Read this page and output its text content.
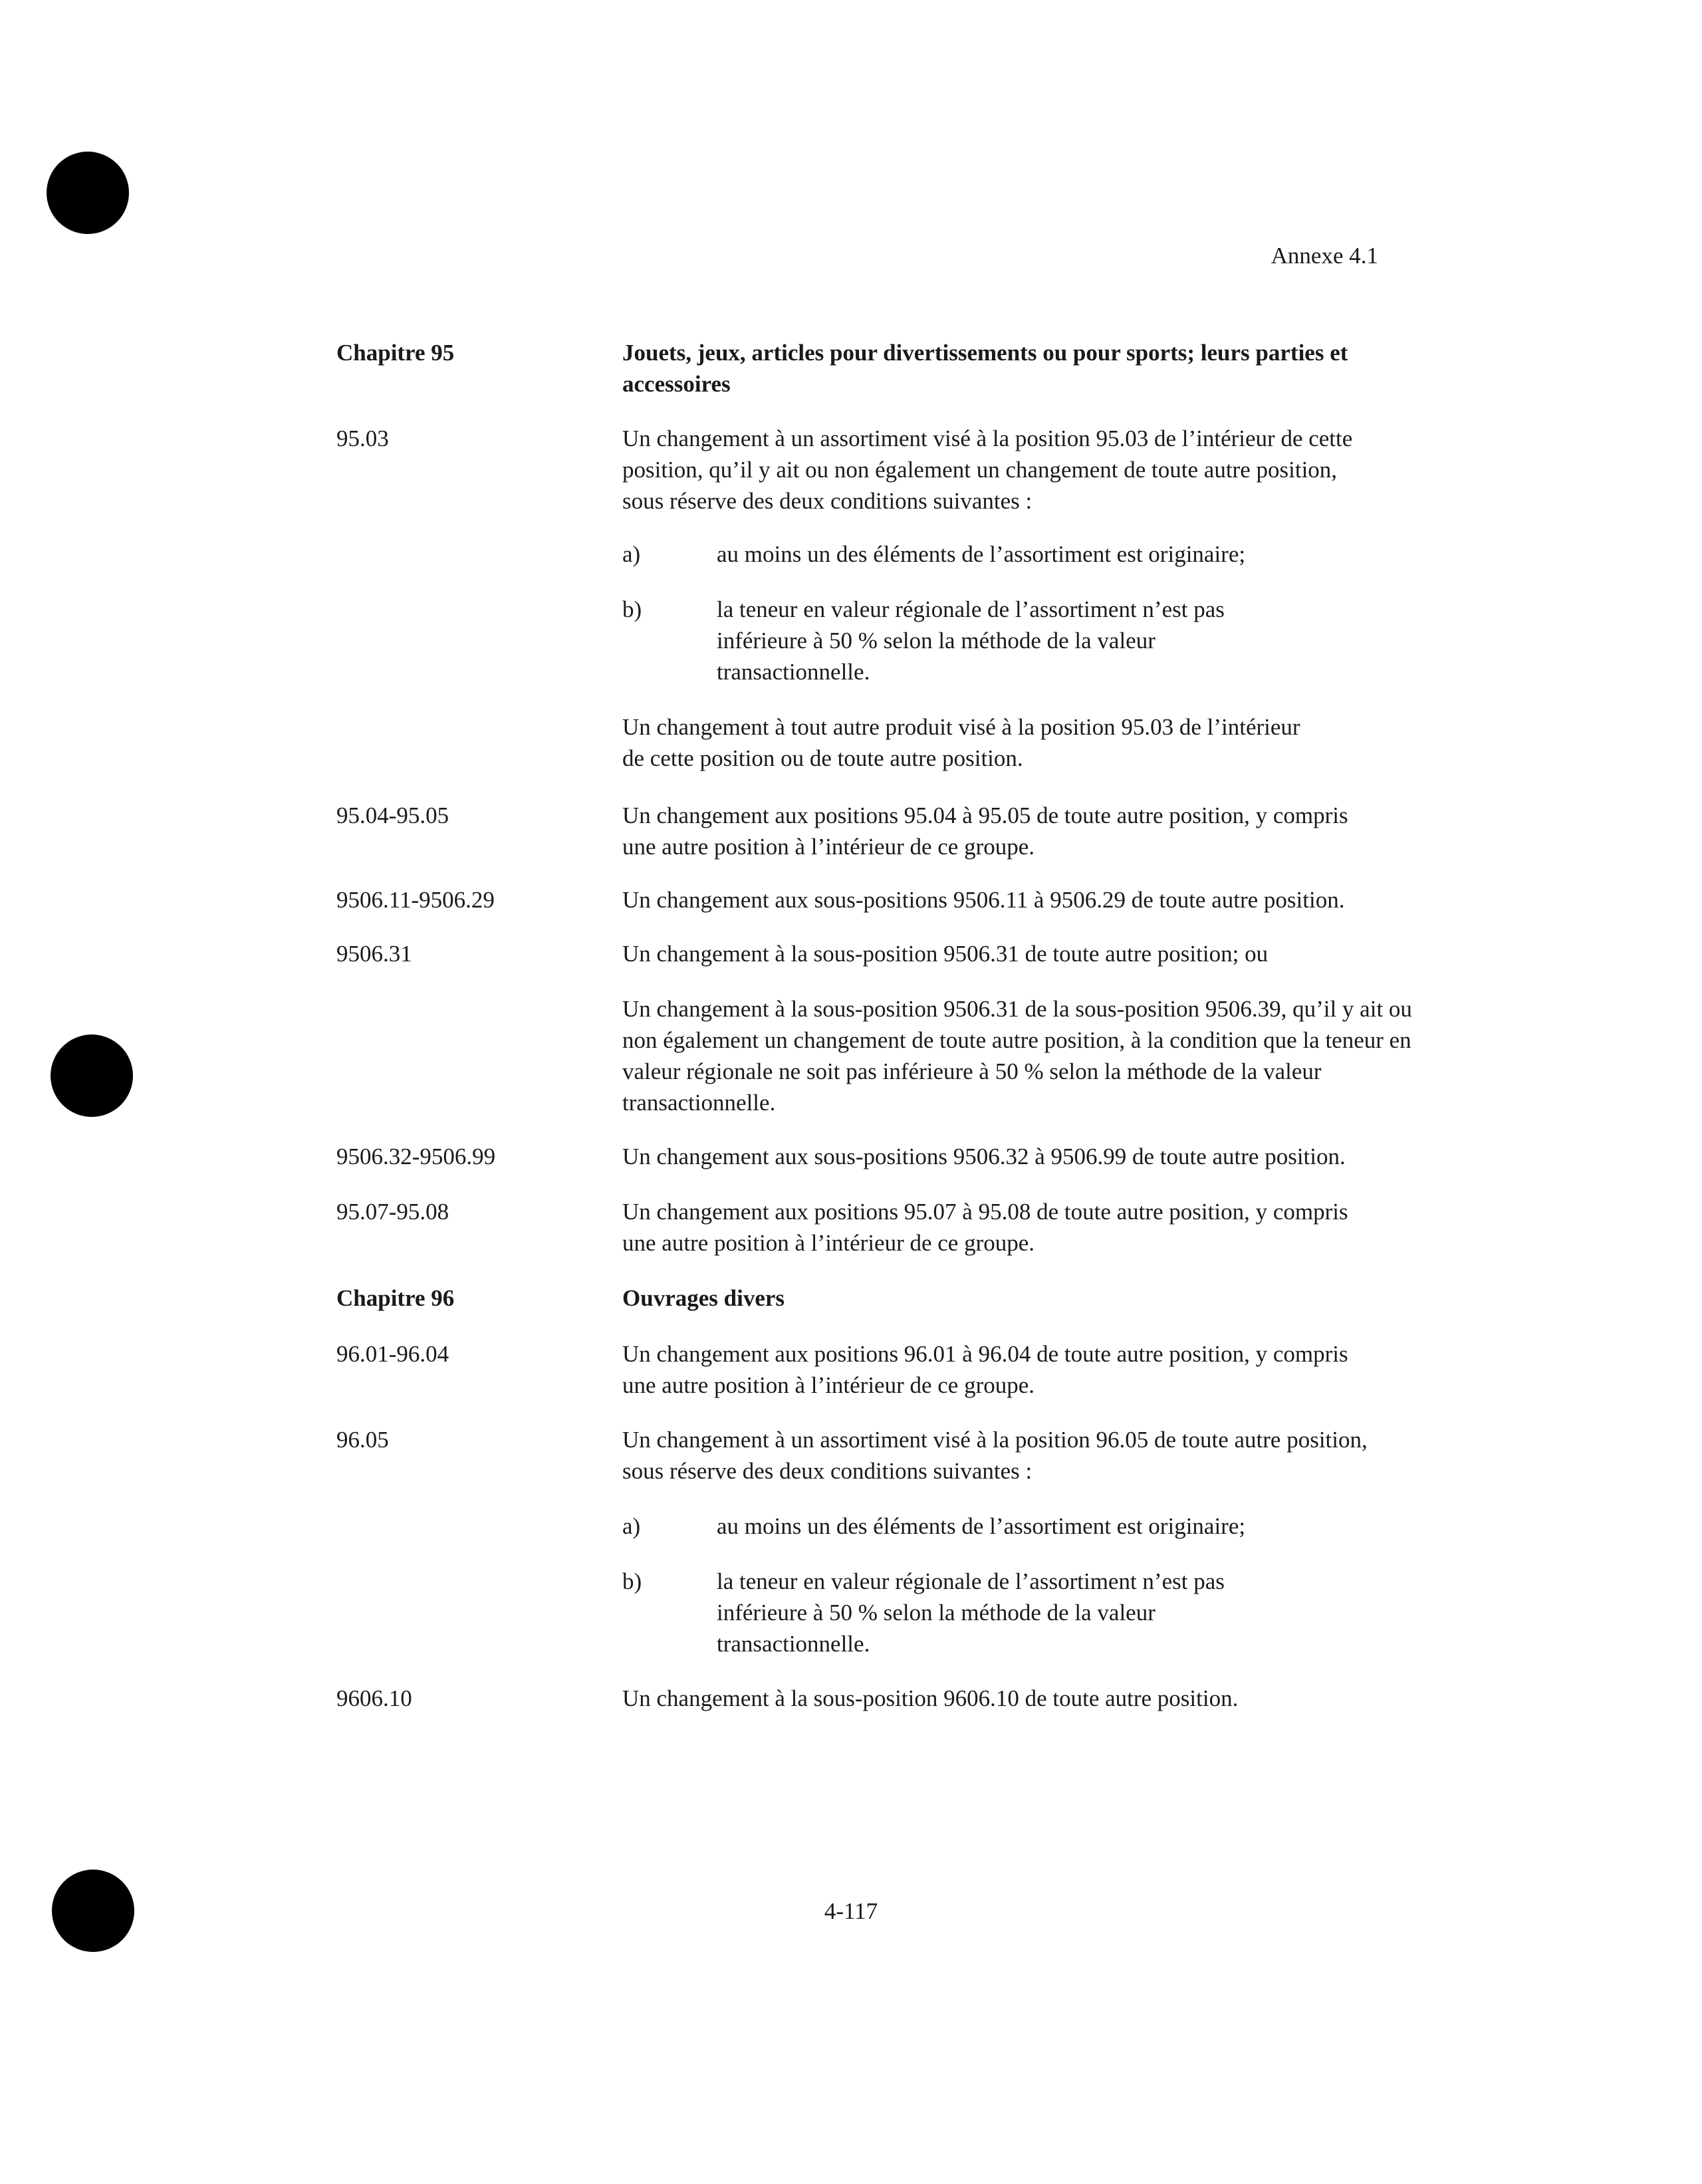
Annexe 4.1
Chapitre 95	Jouets, jeux, articles pour divertissements ou pour sports; leurs parties et accessoires

95.03	Un changement à un assortiment visé à la position 95.03 de l’intérieur de cette position, qu’il y ait ou non également un changement de toute autre position, sous réserve des deux conditions suivantes :

a)	au moins un des éléments de l’assortiment est originaire;

b)	la teneur en valeur régionale de l’assortiment n’est pas inférieure à 50 % selon la méthode de la valeur transactionnelle.

Un changement à tout autre produit visé à la position 95.03 de l’intérieur de cette position ou de toute autre position.

95.04-95.05	Un changement aux positions 95.04 à 95.05 de toute autre position, y compris une autre position à l’intérieur de ce groupe.

9506.11-9506.29	Un changement aux sous-positions 9506.11 à 9506.29 de toute autre position.

9506.31	Un changement à la sous-position 9506.31 de toute autre position; ou

Un changement à la sous-position 9506.31 de la sous-position 9506.39, qu’il y ait ou non également un changement de toute autre position, à la condition que la teneur en valeur régionale ne soit pas inférieure à 50 % selon la méthode de la valeur transactionnelle.

9506.32-9506.99	Un changement aux sous-positions 9506.32 à 9506.99 de toute autre position.

95.07-95.08	Un changement aux positions 95.07 à 95.08 de toute autre position, y compris une autre position à l’intérieur de ce groupe.

Chapitre 96	Ouvrages divers

96.01-96.04	Un changement aux positions 96.01 à 96.04 de toute autre position, y compris une autre position à l’intérieur de ce groupe.

96.05	Un changement à un assortiment visé à la position 96.05 de toute autre position, sous réserve des deux conditions suivantes :

a)	au moins un des éléments de l’assortiment est originaire;

b)	la teneur en valeur régionale de l’assortiment n’est pas inférieure à 50 % selon la méthode de la valeur transactionnelle.

9606.10	Un changement à la sous-position 9606.10 de toute autre position.

4-117
